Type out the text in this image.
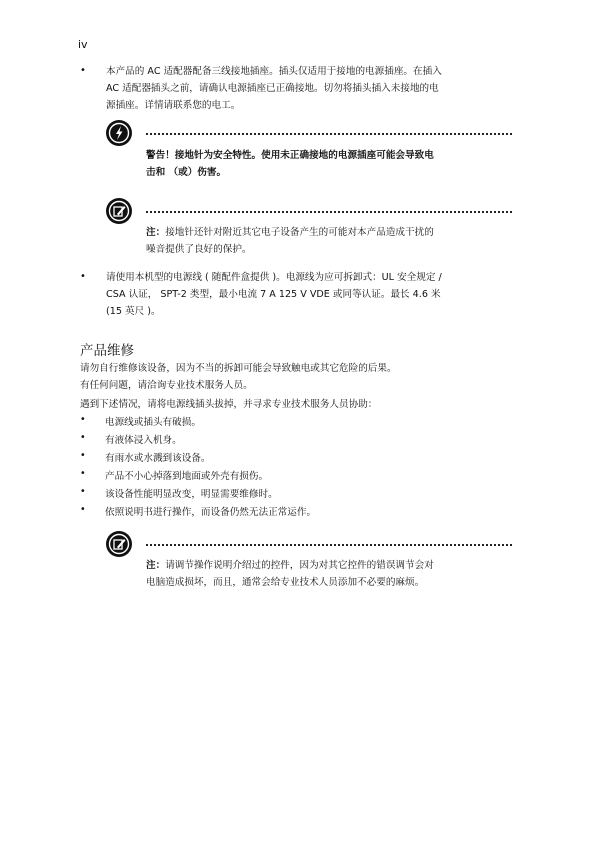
iv
• 本产品的 AC 适配器配备三线接地插座。插头仅适用于接地的电源插座。在插入
AC 适配器插头之前，请确认电源插座已正确接地。切勿将插头插入未接地的电
源插座。详情请联系您的电工。
警告！接地针为安全特性。使用未正确接地的电源插座可能会导致电
击和 （或）伤害。
注：接地针还针对附近其它电子设备产生的可能对本产品造成干扰的
噪音提供了良好的保护。
• 请使用本机型的电源线 ( 随配件盒提供 )。电源线为应可拆卸式：UL 安全规定 /
CSA 认证， SPT-2 类型，最小电流 7 A 125 V VDE 或同等认证。最长 4.6 米
(15 英尺 )。
产品维修
请勿自行维修该设备，因为不当的拆卸可能会导致触电或其它危险的后果。
有任何问题，请洽询专业技术服务人员。
遇到下述情况，请将电源线插头拔掉，并寻求专业技术服务人员协助：
• 电源线或插头有破损。
• 有液体浸入机身。
• 有雨水或水溅到该设备。
• 产品不小心掉落到地面或外壳有损伤。
• 该设备性能明显改变，明显需要维修时。
• 依照说明书进行操作，而设备仍然无法正常运作。
注：请调节操作说明介绍过的控件，因为对其它控件的错误调节会对
电脑造成损坏，而且，通常会给专业技术人员添加不必要的麻烦。
